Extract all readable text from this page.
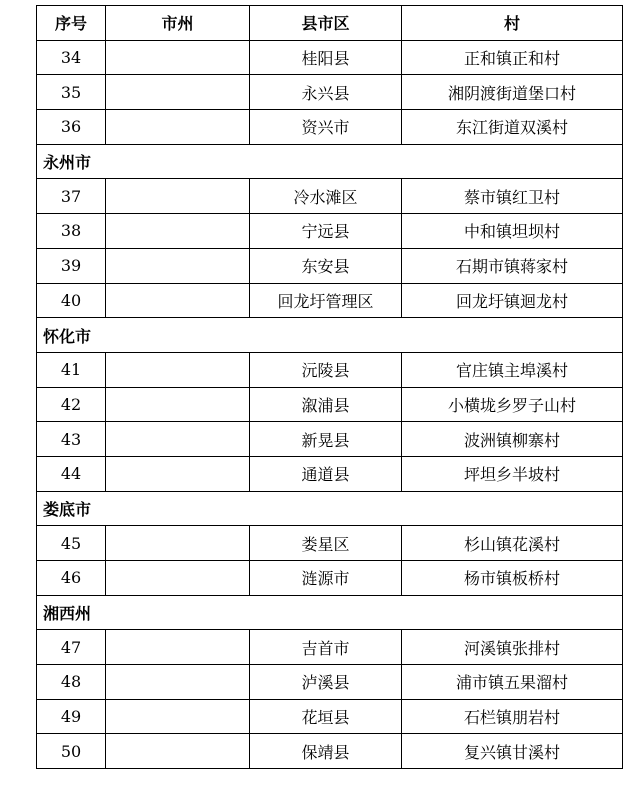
序号	市州	县市区	村
34		桂阳县	正和镇正和村
35		永兴县	湘阴渡街道堡口村
36		资兴市	东江街道双溪村
永州市			
37		冷水滩区	蔡市镇红卫村
38		宁远县	中和镇坦坝村
39		东安县	石期市镇蒋家村
40		回龙圩管理区	回龙圩镇迴龙村
怀化市			
41		沅陵县	官庄镇主埠溪村
42		溆浦县	小横垅乡罗子山村
43		新晃县	波洲镇柳寨村
44		通道县	坪坦乡半坡村
娄底市			
45		娄星区	杉山镇花溪村
46		涟源市	杨市镇板桥村
湘西州			
47		吉首市	河溪镇张排村
48		泸溪县	浦市镇五果溜村
49		花垣县	石栏镇朋岩村
50		保靖县	复兴镇甘溪村
